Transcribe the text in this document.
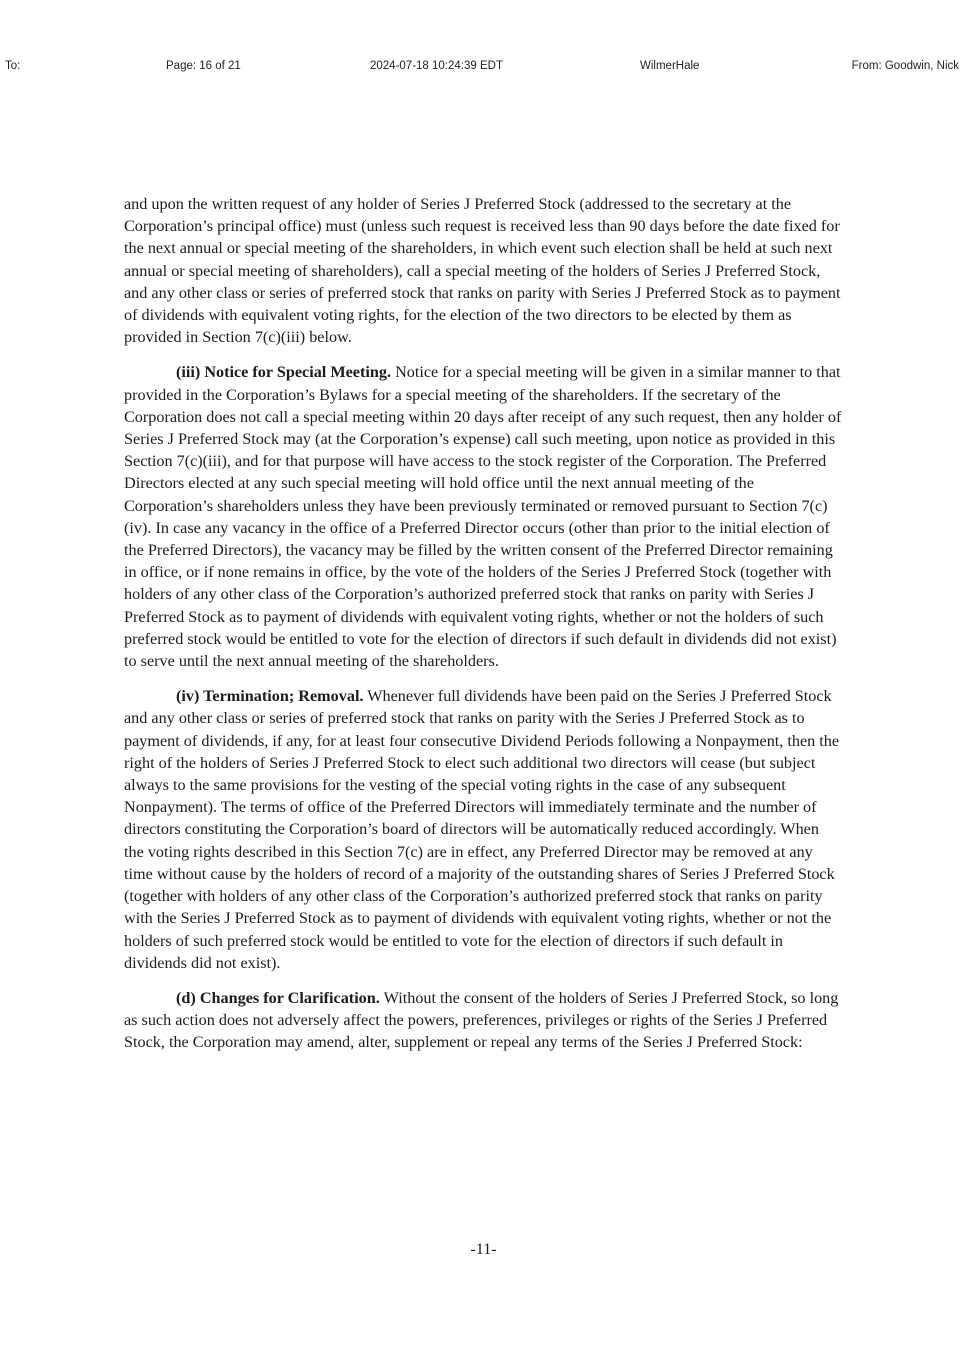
To:	Page: 16 of 21	2024-07-18 10:24:39 EDT	WilmerHale	From: Goodwin, Nick

and upon the written request of any holder of Series J Preferred Stock (addressed to the secretary at the Corporation’s principal office) must (unless such request is received less than 90 days before the date fixed for the next annual or special meeting of the shareholders, in which event such election shall be held at such next annual or special meeting of shareholders), call a special meeting of the holders of Series J Preferred Stock, and any other class or series of preferred stock that ranks on parity with Series J Preferred Stock as to payment of dividends with equivalent voting rights, for the election of the two directors to be elected by them as provided in Section 7(c)(iii) below.

(iii) Notice for Special Meeting. Notice for a special meeting will be given in a similar manner to that provided in the Corporation’s Bylaws for a special meeting of the shareholders. If the secretary of the Corporation does not call a special meeting within 20 days after receipt of any such request, then any holder of Series J Preferred Stock may (at the Corporation’s expense) call such meeting, upon notice as provided in this Section 7(c)(iii), and for that purpose will have access to the stock register of the Corporation. The Preferred Directors elected at any such special meeting will hold office until the next annual meeting of the Corporation’s shareholders unless they have been previously terminated or removed pursuant to Section 7(c)(iv). In case any vacancy in the office of a Preferred Director occurs (other than prior to the initial election of the Preferred Directors), the vacancy may be filled by the written consent of the Preferred Director remaining in office, or if none remains in office, by the vote of the holders of the Series J Preferred Stock (together with holders of any other class of the Corporation’s authorized preferred stock that ranks on parity with Series J Preferred Stock as to payment of dividends with equivalent voting rights, whether or not the holders of such preferred stock would be entitled to vote for the election of directors if such default in dividends did not exist) to serve until the next annual meeting of the shareholders.

(iv) Termination; Removal. Whenever full dividends have been paid on the Series J Preferred Stock and any other class or series of preferred stock that ranks on parity with the Series J Preferred Stock as to payment of dividends, if any, for at least four consecutive Dividend Periods following a Nonpayment, then the right of the holders of Series J Preferred Stock to elect such additional two directors will cease (but subject always to the same provisions for the vesting of the special voting rights in the case of any subsequent Nonpayment). The terms of office of the Preferred Directors will immediately terminate and the number of directors constituting the Corporation’s board of directors will be automatically reduced accordingly. When the voting rights described in this Section 7(c) are in effect, any Preferred Director may be removed at any time without cause by the holders of record of a majority of the outstanding shares of Series J Preferred Stock (together with holders of any other class of the Corporation’s authorized preferred stock that ranks on parity with the Series J Preferred Stock as to payment of dividends with equivalent voting rights, whether or not the holders of such preferred stock would be entitled to vote for the election of directors if such default in dividends did not exist).

(d) Changes for Clarification. Without the consent of the holders of Series J Preferred Stock, so long as such action does not adversely affect the powers, preferences, privileges or rights of the Series J Preferred Stock, the Corporation may amend, alter, supplement or repeal any terms of the Series J Preferred Stock:

-11-
